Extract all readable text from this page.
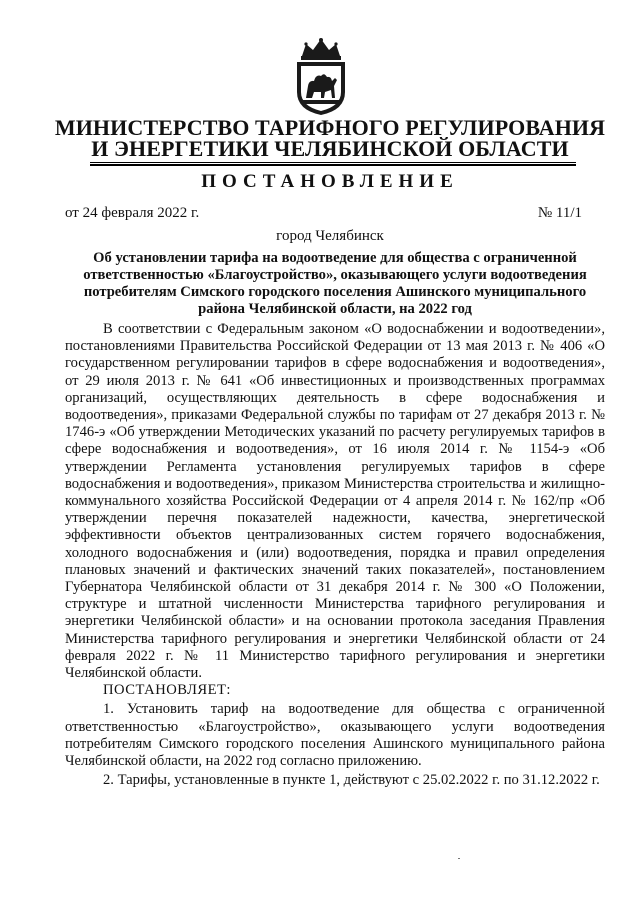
МИНИСТЕРСТВО ТАРИФНОГО РЕГУЛИРОВАНИЯ
И ЭНЕРГЕТИКИ ЧЕЛЯБИНСКОЙ ОБЛАСТИ
ПОСТАНОВЛЕНИЕ
от 24 февраля 2022 г.	№ 11/1
город Челябинск
Об установлении тарифа на водоотведение для общества с ограниченной ответственностью «Благоустройство», оказывающего услуги водоотведения потребителям Симского городского поселения Ашинского муниципального района Челябинской области, на 2022 год

В соответствии с Федеральным законом «О водоснабжении и водоотведении», постановлениями Правительства Российской Федерации от 13 мая 2013 г. № 406 «О государственном регулировании тарифов в сфере водоснабжения и водоотведения», от 29 июля 2013 г. № 641 «Об инвестиционных и производственных программах организаций, осуществляющих деятельность в сфере водоснабжения и водоотведения», приказами Федеральной службы по тарифам от 27 декабря 2013 г. № 1746-э «Об утверждении Методических указаний по расчету регулируемых тарифов в сфере водоснабжения и водоотведения», от 16 июля 2014 г. № 1154-э «Об утверждении Регламента установления регулируемых тарифов в сфере водоснабжения и водоотведения», приказом Министерства строительства и жилищно-коммунального хозяйства Российской Федерации от 4 апреля 2014 г. № 162/пр «Об утверждении перечня показателей надежности, качества, энергетической эффективности объектов централизованных систем горячего водоснабжения, холодного водоснабжения и (или) водоотведения, порядка и правил определения плановых значений и фактических значений таких показателей», постановлением Губернатора Челябинской области от 31 декабря 2014 г. № 300 «О Положении, структуре и штатной численности Министерства тарифного регулирования и энергетики Челябинской области» и на основании протокола заседания Правления Министерства тарифного регулирования и энергетики Челябинской области от 24 февраля 2022 г. № 11 Министерство тарифного регулирования и энергетики Челябинской области.

ПОСТАНОВЛЯЕТ:

1. Установить тариф на водоотведение для общества с ограниченной ответственностью «Благоустройство», оказывающего услуги водоотведения потребителям Симского городского поселения Ашинского муниципального района Челябинской области, на 2022 год согласно приложению.

2. Тарифы, установленные в пункте 1, действуют с 25.02.2022 г. по 31.12.2022 г.
